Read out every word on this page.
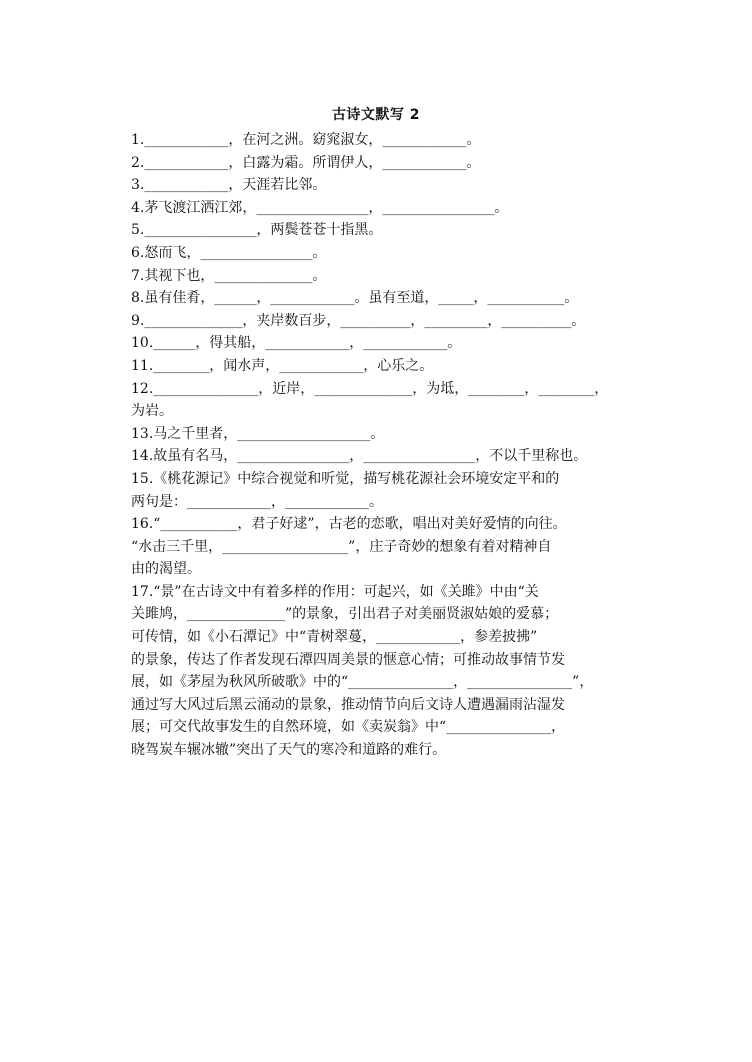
古诗文默写 2
1.____________，在河之洲。窈窕淑女，____________。
2.____________，白露为霜。所谓伊人，____________。
3.____________，天涯若比邻。
4.茅飞渡江洒江郊，________________，________________。
5.________________，两鬓苍苍十指黑。
6.怒而飞，________________。
7.其视下也，______________。
8.虽有佳肴，______，____________。虽有至道，_____，___________。
9.______________，夹岸数百步，__________，_________，__________。
10.______，得其船，____________，____________。
11.________，闻水声，____________，心乐之。
12._______________，近岸，______________，为坻，________，________，
为岩。
13.马之千里者，___________________。
14.故虽有名马，________________，________________，不以千里称也。
15.《桃花源记》中综合视觉和听觉，描写桃花源社会环境安定平和的
两句是：____________，____________。
16.“___________，君子好逑”，古老的恋歌，唱出对美好爱情的向往。
“水击三千里，__________________”，庄子奇妙的想象有着对精神自
由的渴望。
17.“景”在古诗文中有着多样的作用：可起兴，如《关雎》中由“关
关雎鸠，______________”的景象，引出君子对美丽贤淑姑娘的爱慕；
可传情，如《小石潭记》中“青树翠蔓，____________，参差披拂”
的景象，传达了作者发现石潭四周美景的惬意心情；可推动故事情节发
展，如《茅屋为秋风所破歌》中的“_______________，_______________”，
通过写大风过后黑云涌动的景象，推动情节向后文诗人遭遇漏雨沾湿发
展；可交代故事发生的自然环境，如《卖炭翁》中“_______________，
晓驾炭车辗冰辙”突出了天气的寒冷和道路的难行。
